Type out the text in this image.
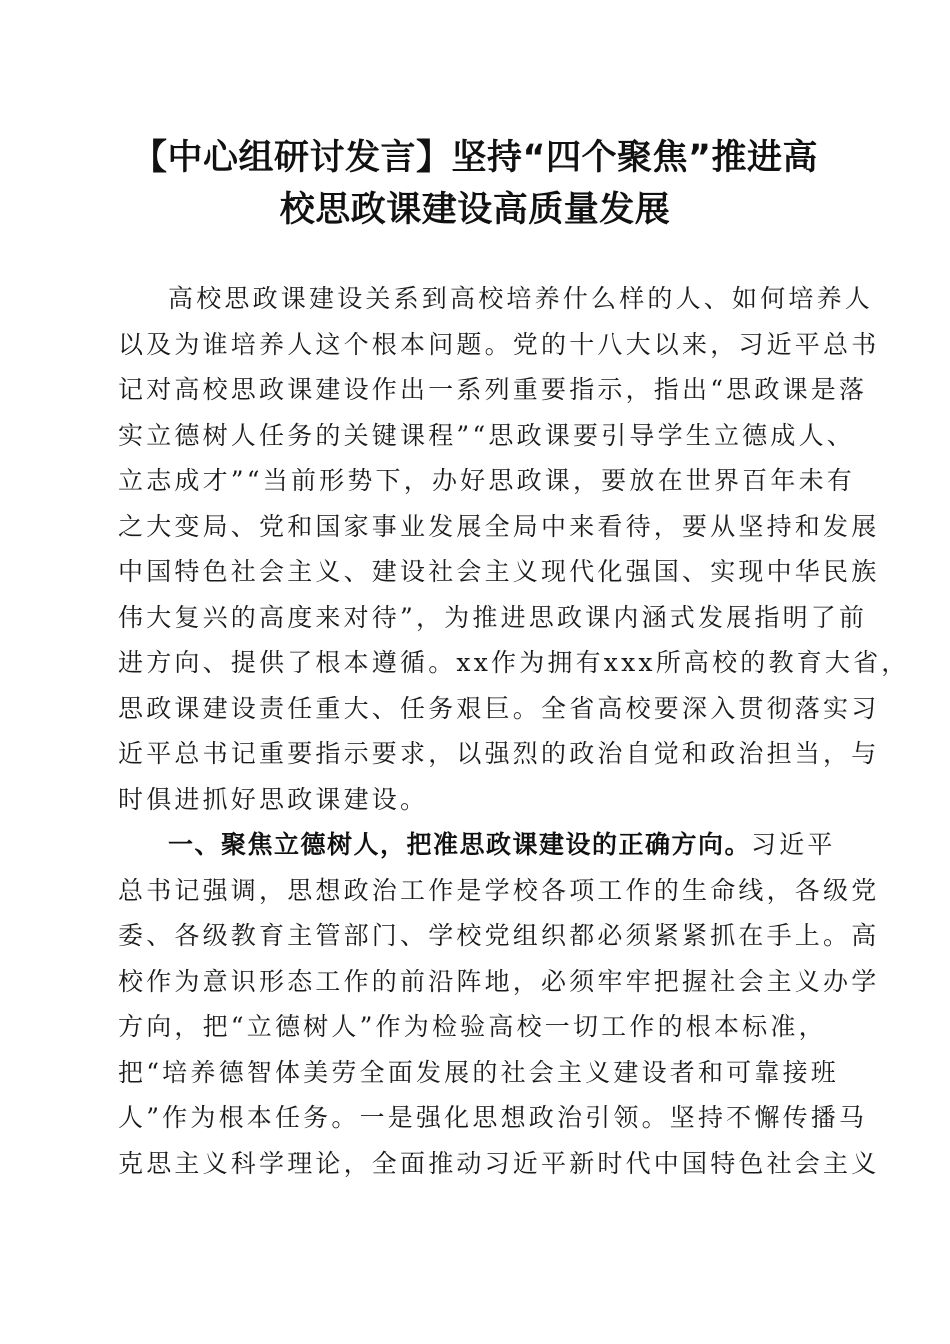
【中心组研讨发言】坚持“四个聚焦”推进高
校思政课建设高质量发展
高校思政课建设关系到高校培养什么样的人、如何培养人
以及为谁培养人这个根本问题。党的十八大以来，习近平总书
记对高校思政课建设作出一系列重要指示，指出“思政课是落
实立德树人任务的关键课程”“思政课要引导学生立德成人、
立志成才”“当前形势下，办好思政课，要放在世界百年未有
之大变局、党和国家事业发展全局中来看待，要从坚持和发展
中国特色社会主义、建设社会主义现代化强国、实现中华民族
伟大复兴的高度来对待”，为推进思政课内涵式发展指明了前
进方向、提供了根本遵循。xx作为拥有xxx所高校的教育大省，
思政课建设责任重大、任务艰巨。全省高校要深入贯彻落实习
近平总书记重要指示要求，以强烈的政治自觉和政治担当，与
时俱进抓好思政课建设。
一、聚焦立德树人，把准思政课建设的正确方向。习近平
总书记强调，思想政治工作是学校各项工作的生命线，各级党
委、各级教育主管部门、学校党组织都必须紧紧抓在手上。高
校作为意识形态工作的前沿阵地，必须牢牢把握社会主义办学
方向，把“立德树人”作为检验高校一切工作的根本标准，
把“培养德智体美劳全面发展的社会主义建设者和可靠接班
人”作为根本任务。一是强化思想政治引领。坚持不懈传播马
克思主义科学理论，全面推动习近平新时代中国特色社会主义
